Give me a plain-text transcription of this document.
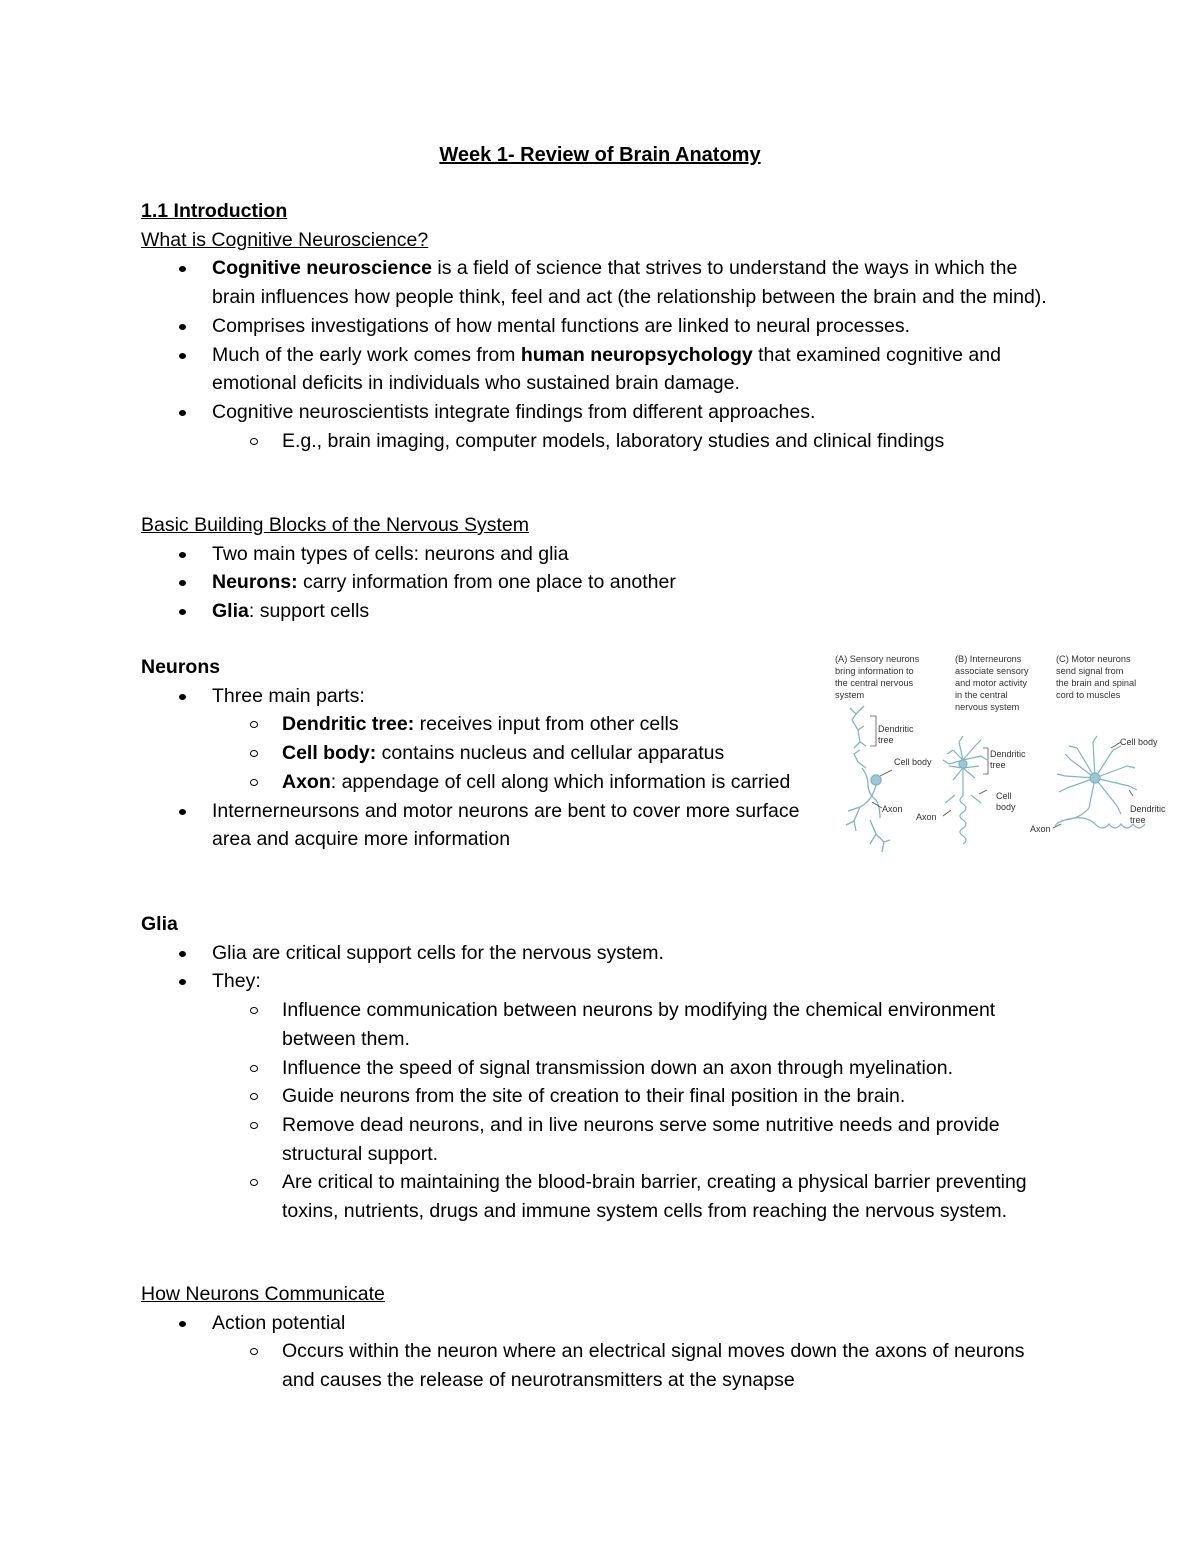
Week 1- Review of Brain Anatomy
1.1 Introduction
What is Cognitive Neuroscience?
Cognitive neuroscience is a field of science that strives to understand the ways in which the brain influences how people think, feel and act (the relationship between the brain and the mind).
Comprises investigations of how mental functions are linked to neural processes.
Much of the early work comes from human neuropsychology that examined cognitive and emotional deficits in individuals who sustained brain damage.
Cognitive neuroscientists integrate findings from different approaches.
E.g., brain imaging, computer models, laboratory studies and clinical findings
Basic Building Blocks of the Nervous System
Two main types of cells: neurons and glia
Neurons: carry information from one place to another
Glia: support cells
Neurons
Three main parts:
Dendritic tree: receives input from other cells
Cell body: contains nucleus and cellular apparatus
Axon: appendage of cell along which information is carried
Internerneursons and motor neurons are bent to cover more surface area and acquire more information
(A) Sensory neurons bring information to the central nervous system
(B) Interneurons associate sensory and motor activity in the central nervous system
(C) Motor neurons send signal from the brain and spinal cord to muscles
Dendritic tree
Cell body
Axon
Dendritic tree
Cell body
Axon
Cell body
Dendritic tree
Axon
Glia
Glia are critical support cells for the nervous system.
They:
Influence communication between neurons by modifying the chemical environment between them.
Influence the speed of signal transmission down an axon through myelination.
Guide neurons from the site of creation to their final position in the brain.
Remove dead neurons, and in live neurons serve some nutritive needs and provide structural support.
Are critical to maintaining the blood-brain barrier, creating a physical barrier preventing toxins, nutrients, drugs and immune system cells from reaching the nervous system.
How Neurons Communicate
Action potential
Occurs within the neuron where an electrical signal moves down the axons of neurons and causes the release of neurotransmitters at the synapse
